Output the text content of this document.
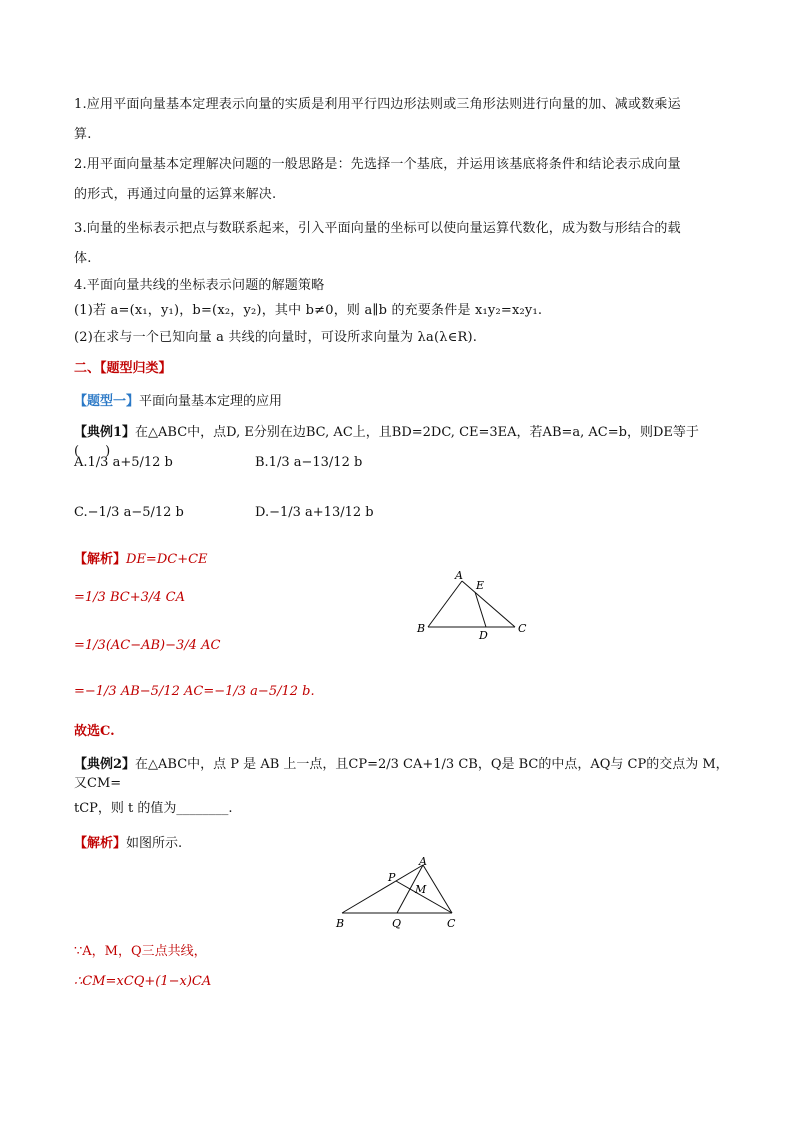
1.应用平面向量基本定理表示向量的实质是利用平行四边形法则或三角形法则进行向量的加、减或数乘运
算.
2.用平面向量基本定理解决问题的一般思路是：先选择一个基底，并运用该基底将条件和结论表示成向量
的形式，再通过向量的运算来解决.
3.向量的坐标表示把点与数联系起来，引入平面向量的坐标可以使向量运算代数化，成为数与形结合的载
体.
4.平面向量共线的坐标表示问题的解题策略
(1)若 a=(x₁，y₁)，b=(x₂，y₂)，其中 b≠0，则 a∥b 的充要条件是 x₁y₂=x₂y₁.
(2)在求与一个已知向量 a 共线的向量时，可设所求向量为 λa(λ∈R).
二、【题型归类】
【题型一】平面向量基本定理的应用
【典例1】在△ABC中，点D, E分别在边BC, AC上，且BD=2DC, CE=3EA，若AB=a, AC=b，则DE等于(　　)
A.1/3 a+5/12 b	B.1/3 a−13/12 b
C.−1/3 a−5/12 b	D.−1/3 a+13/12 b
【解析】DE=DC+CE
=1/3 BC+3/4 CA
=1/3(AC−AB)−3/4 AC
=−1/3 AB−5/12 AC=−1/3 a−5/12 b.
故选C.
A
E
B	C
D
【典例2】在△ABC中，点 P 是 AB 上一点，且CP=2/3 CA+1/3 CB，Q是 BC的中点，AQ与 CP的交点为 M，又CM=
tCP，则 t 的值为________.
【解析】如图所示.
A
P
M
B	Q	C
∵A，M，Q三点共线，
∴CM=xCQ+(1−x)CA
